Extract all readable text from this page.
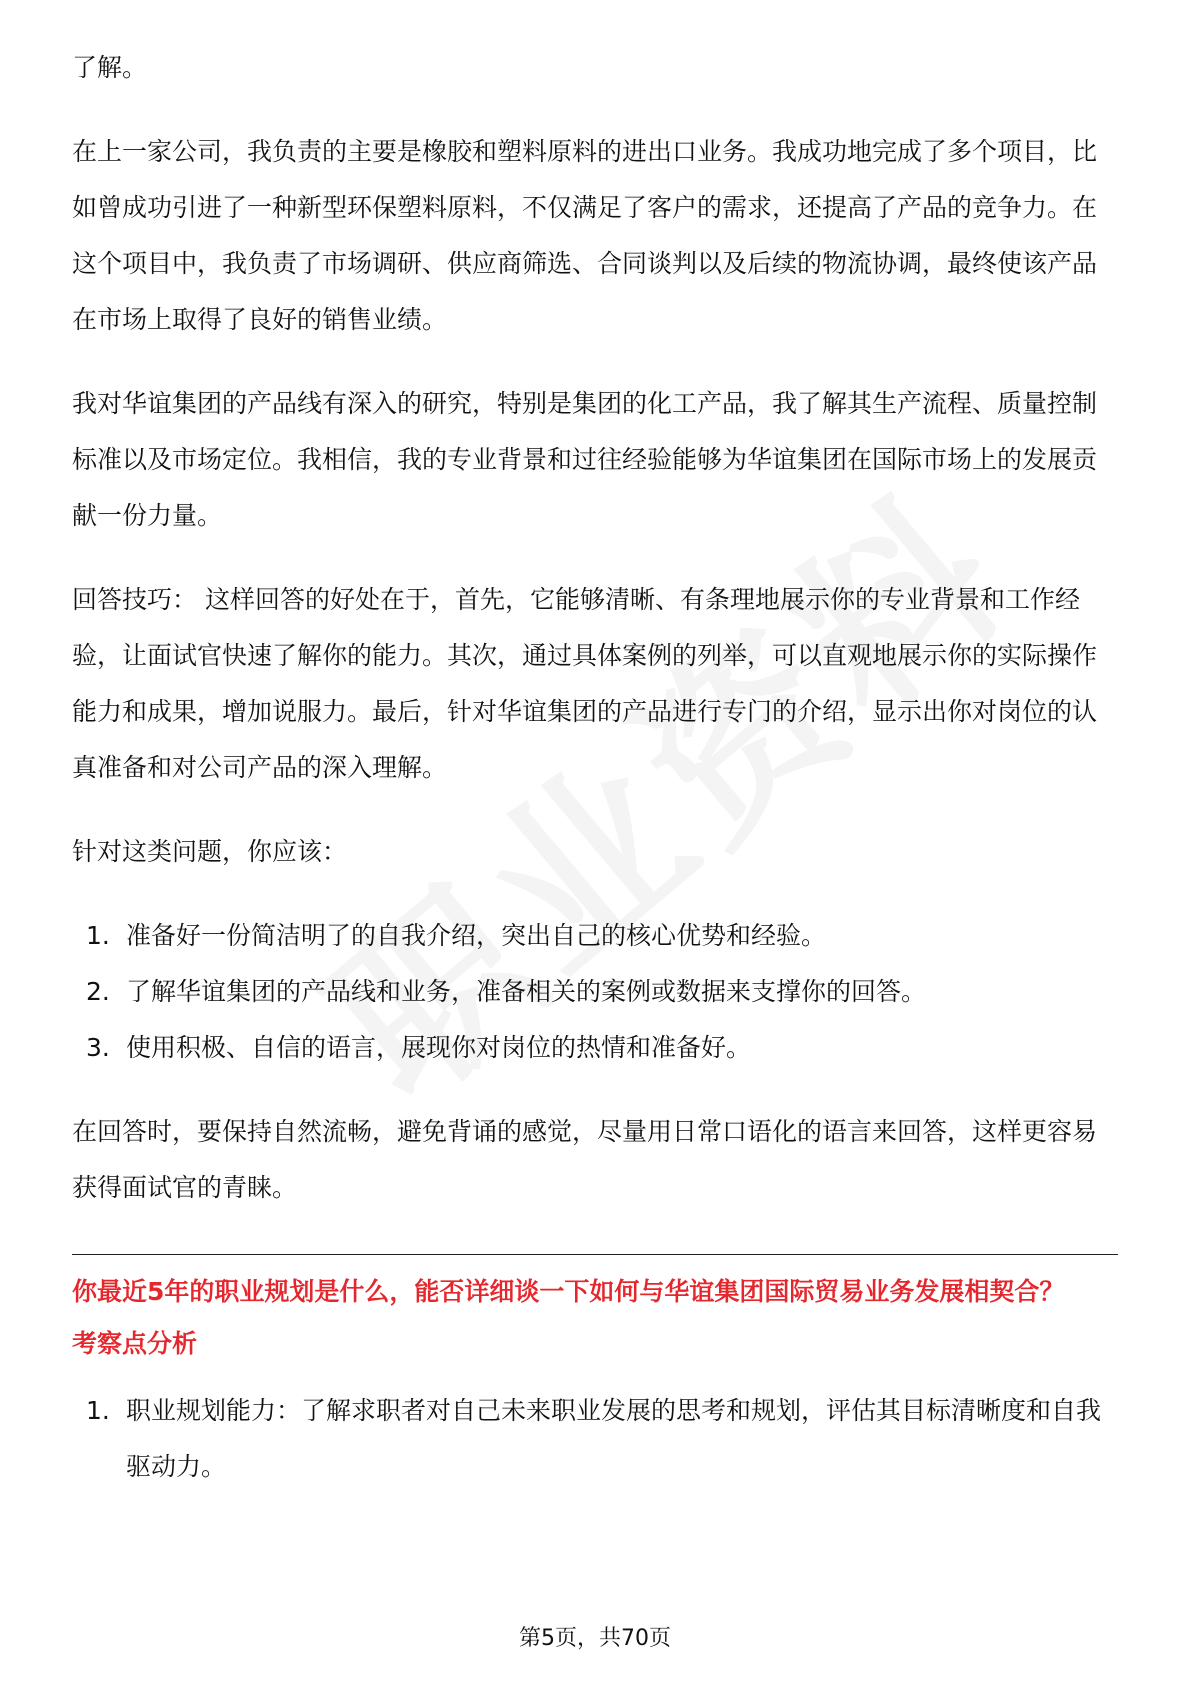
了解。

在上一家公司，我负责的主要是橡胶和塑料原料的进出口业务。我成功地完成了多个项目，比如曾成功引进了一种新型环保塑料原料，不仅满足了客户的需求，还提高了产品的竞争力。在这个项目中，我负责了市场调研、供应商筛选、合同谈判以及后续的物流协调，最终使该产品在市场上取得了良好的销售业绩。

我对华谊集团的产品线有深入的研究，特别是集团的化工产品，我了解其生产流程、质量控制标准以及市场定位。我相信，我的专业背景和过往经验能够为华谊集团在国际市场上的发展贡献一份力量。

回答技巧： 这样回答的好处在于，首先，它能够清晰、有条理地展示你的专业背景和工作经验，让面试官快速了解你的能力。其次，通过具体案例的列举，可以直观地展示你的实际操作能力和成果，增加说服力。最后，针对华谊集团的产品进行专门的介绍，显示出你对岗位的认真准备和对公司产品的深入理解。

针对这类问题，你应该：

1. 准备好一份简洁明了的自我介绍，突出自己的核心优势和经验。
2. 了解华谊集团的产品线和业务，准备相关的案例或数据来支撑你的回答。
3. 使用积极、自信的语言，展现你对岗位的热情和准备好。

在回答时，要保持自然流畅，避免背诵的感觉，尽量用日常口语化的语言来回答，这样更容易获得面试官的青睐。

你最近5年的职业规划是什么，能否详细谈一下如何与华谊集团国际贸易业务发展相契合？

考察点分析

1. 职业规划能力：了解求职者对自己未来职业发展的思考和规划，评估其目标清晰度和自我驱动力。
第5页，共70页
